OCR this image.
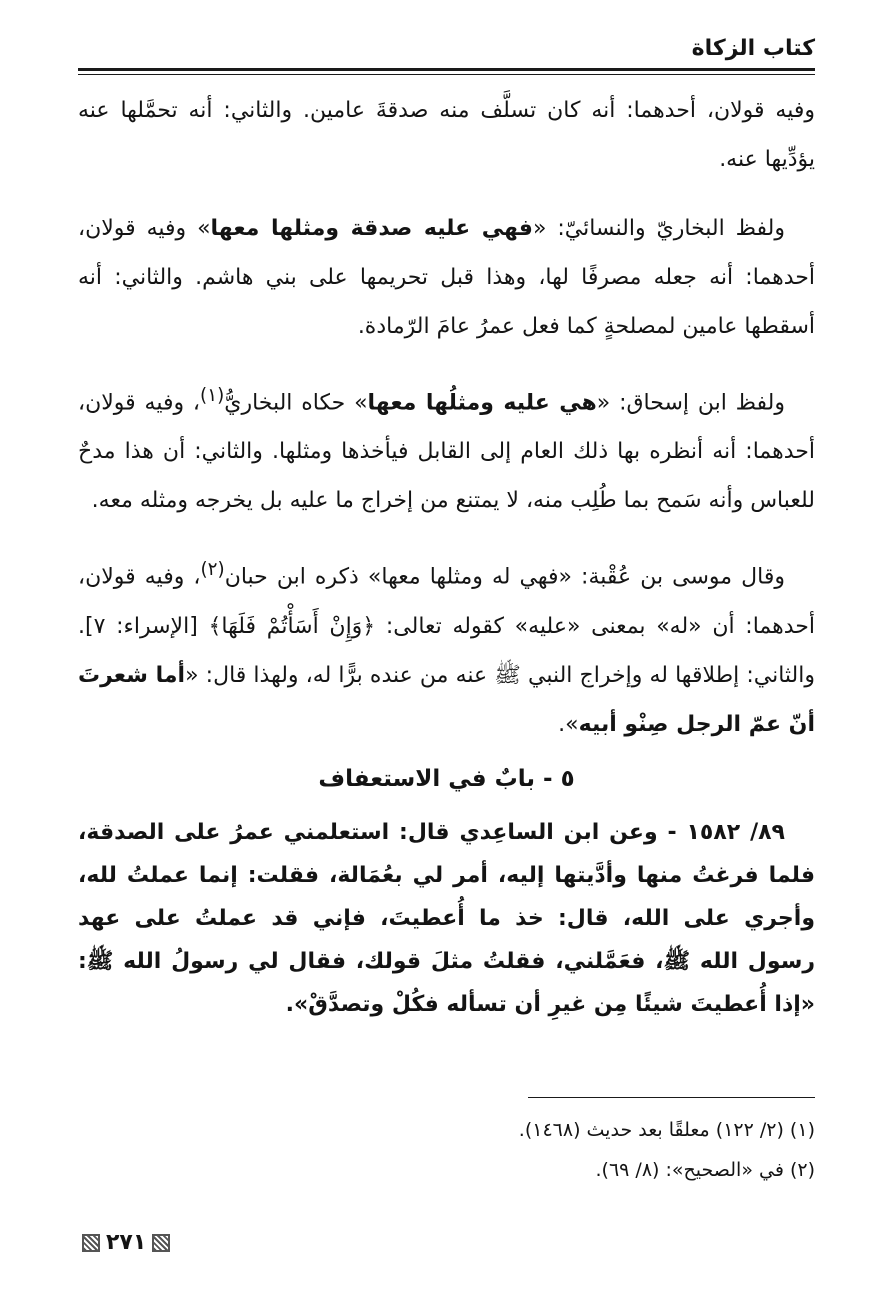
كتاب الزكاة

وفيه قولان، أحدهما: أنه كان تسلَّف منه صدقةَ عامين. والثاني: أنه تحمَّلها عنه يؤدِّيها عنه.

ولفظ البخاريّ والنسائيّ: «فهي عليه صدقة ومثلها معها» وفيه قولان، أحدهما: أنه جعله مصرفًا لها، وهذا قبل تحريمها على بني هاشم. والثاني: أنه أسقطها عامين لمصلحةٍ كما فعل عمرُ عامَ الرّمادة.

ولفظ ابن إسحاق: «هي عليه ومثلُها معها» حكاه البخاريُّ$^{(١)}$، وفيه قولان، أحدهما: أنه أنظره بها ذلك العام إلى القابل فيأخذها ومثلها. والثاني: أن هذا مدحٌ للعباس وأنه سَمح بما طُلِب منه، لا يمتنع من إخراج ما عليه بل يخرجه ومثله معه.

وقال موسى بن عُقْبة: «فهي له ومثلها معها» ذكره ابن حبان$^{(٢)}$، وفيه قولان، أحدهما: أن «له» بمعنى «عليه» كقوله تعالى: ﴿وَإِنْ أَسَأْتُمْ فَلَهَا﴾ [الإسراء: ٧]. والثاني: إطلاقها له وإخراج النبي ﷺ عنه من عنده برًّا له، ولهذا قال: «أما شعرتَ أنّ عمّ الرجل صِنْو أبيه».

٥ - بابٌ في الاستعفاف

٨٩/ ١٥٨٢ - وعن ابن الساعِدي قال: استعلمني عمرُ على الصدقة، فلما فرغتُ منها وأدَّيتها إليه، أمر لي بعُمَالة، فقلت: إنما عملتُ لله، وأجري على الله، قال: خذ ما أُعطيتَ، فإني قد عملتُ على عهد رسول الله ﷺ، فعَمَّلني، فقلتُ مثلَ قولك، فقال لي رسولُ الله ﷺ: «إذا أُعطيتَ شيئًا مِن غيرِ أن تسأله فكُلْ وتصدَّقْ».

(١) (٢/ ١٢٢) معلقًا بعد حديث (١٤٦٨).
(٢) في «الصحيح»: (٨/ ٦٩).
٢٧١
